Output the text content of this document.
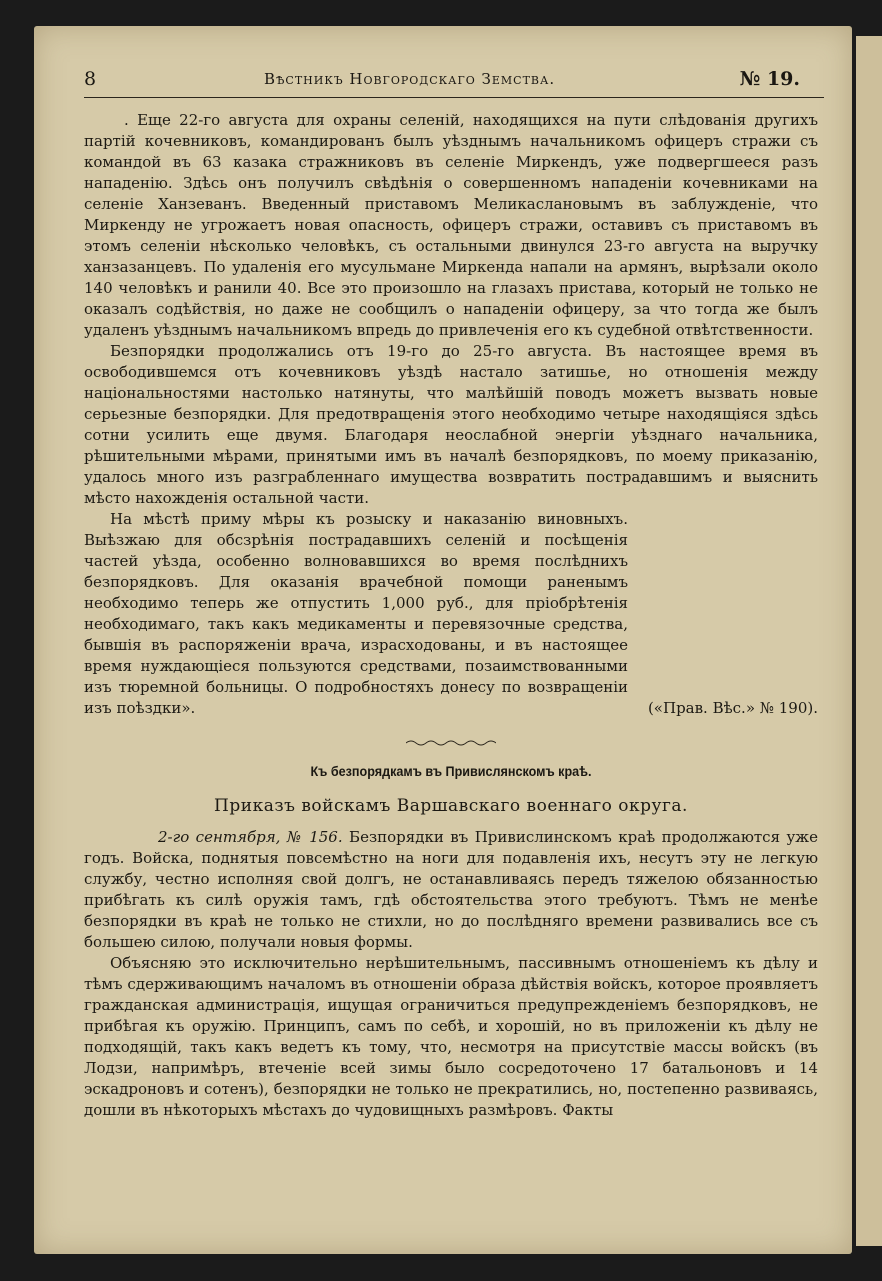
8	Вѣстникъ Новгородскаго Земства.	№ 19.

. Еще 22-го августа для охраны селеній, находящихся на пути слѣдованія другихъ партій кочевниковъ, командированъ былъ уѣзднымъ начальникомъ офицеръ стражи съ командой въ 63 казака стражниковъ въ селеніе Миркендъ, уже подвергшееся разъ нападенію. Здѣсь онъ получилъ свѣдѣнія о совершенномъ нападеніи кочевниками на селеніе Ханзеванъ. Введенный приставомъ Меликаслановымъ въ заблужденіе, что Миркенду не угрожаетъ новая опасность, офицеръ стражи, оставивъ съ приставомъ въ этомъ селеніи нѣсколько человѣкъ, съ остальными двинулся 23-го августа на выручку ханзазанцевъ. По удаленія его мусульмане Миркенда напали на армянъ, вырѣзали около 140 человѣкъ и ранили 40. Все это произошло на глазахъ пристава, который не только не оказалъ содѣйствія, но даже не сообщилъ о нападеніи офицеру, за что тогда же былъ удаленъ уѣзднымъ начальникомъ впредь до привлеченія его къ судебной отвѣтственности.

Безпорядки продолжались отъ 19-го до 25-го августа. Въ настоящее время въ освободившемся отъ кочевниковъ уѣздѣ настало затишье, но отношенія между національностями настолько натянуты, что малѣйшій поводъ можетъ вызвать новые серьезные безпорядки. Для предотвращенія этого необходимо четыре находящіяся здѣсь сотни усилить еще двумя. Благодаря неослабной энергіи уѣзднаго начальника, рѣшительными мѣрами, принятыми имъ въ началѣ безпорядковъ, по моему приказанію, удалось много изъ разграбленнаго имущества возвратить пострадавшимъ и выяснить мѣсто нахожденія остальной части.

На мѣстѣ приму мѣры къ розыску и наказанію виновныхъ. Выѣзжаю для обсзрѣнія пострадавшихъ селеній и посѣщенія частей уѣзда, особенно волновавшихся во время послѣднихъ безпорядковъ. Для оказанія врачебной помощи раненымъ необходимо теперь же отпустить 1,000 руб., для пріобрѣтенія необходимаго, такъ какъ медикаменты и перевязочные средства, бывшія въ распоряженіи врача, израсходованы, и въ настоящее время нуждающіеся пользуются средствами, позаимствованными изъ тюремной больницы. О подробностяхъ донесу по возвращеніи изъ поѣздки».	(«Прав. Вѣс.» № 190).
Къ безпорядкамъ въ Привислянскомъ краѣ.
Приказъ войскамъ Варшавскаго военнаго округа.

2-го сентября, № 156. Безпорядки въ Привислинскомъ краѣ продолжаются уже годъ. Войска, поднятыя повсемѣстно на ноги для подавленія ихъ, несутъ эту не легкую службу, честно исполняя свой долгъ, не останавливаясь передъ тяжелою обязанностью прибѣгать къ силѣ оружія тамъ, гдѣ обстоятельства этого требуютъ. Тѣмъ не менѣе безпорядки въ краѣ не только не стихли, но до послѣдняго времени развивались все съ большею силою, получали новыя формы.

Объясняю это исключительно нерѣшительнымъ, пассивнымъ отношеніемъ къ дѣлу и тѣмъ сдерживающимъ началомъ въ отношеніи образа дѣйствія войскъ, которое проявляетъ гражданская администрація, ищущая ограничиться предупрежденіемъ безпорядковъ, не прибѣгая къ оружію. Принципъ, самъ по себѣ, и хорошій, но въ приложеніи къ дѣлу не подходящій, такъ какъ ведетъ къ тому, что, несмотря на присутствіе массы войскъ (въ Лодзи, напримѣръ, втеченіе всей зимы было сосредоточено 17 батальоновъ и 14 эскадроновъ и сотенъ), безпорядки не только не прекратились, но, постепенно развиваясь, дошли въ нѣкоторыхъ мѣстахъ до чудовищныхъ размѣровъ. Факты
